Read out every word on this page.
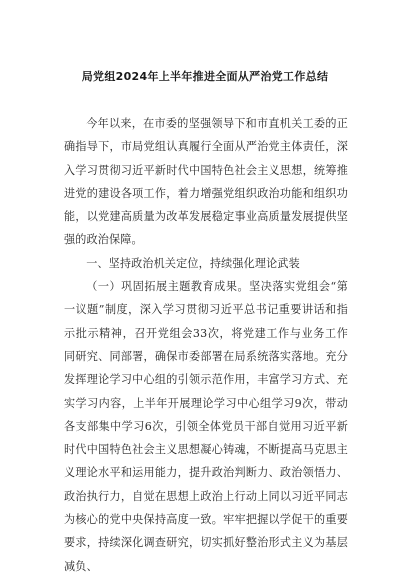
局党组2024年上半年推进全面从严治党工作总结

今年以来，在市委的坚强领导下和市直机关工委的正确指导下，市局党组认真履行全面从严治党主体责任，深入学习贯彻习近平新时代中国特色社会主义思想，统筹推进党的建设各项工作，着力增强党组织政治功能和组织功能，以党建高质量为改革发展稳定事业高质量发展提供坚强的政治保障。

一、坚持政治机关定位，持续强化理论武装

（一）巩固拓展主题教育成果。坚决落实党组会“第一议题”制度，深入学习贯彻习近平总书记重要讲话和指示批示精神，召开党组会33次，将党建工作与业务工作同研究、同部署，确保市委部署在局系统落实落地。充分发挥理论学习中心组的引领示范作用，丰富学习方式、充实学习内容，上半年开展理论学习中心组学习9次，带动各支部集中学习6次，引领全体党员干部自觉用习近平新时代中国特色社会主义思想凝心铸魂，不断提高马克思主义理论水平和运用能力，提升政治判断力、政治领悟力、政治执行力，自觉在思想上政治上行动上同以习近平同志为核心的党中央保持高度一致。牢牢把握以学促干的重要要求，持续深化调查研究，切实抓好整治形式主义为基层减负、
